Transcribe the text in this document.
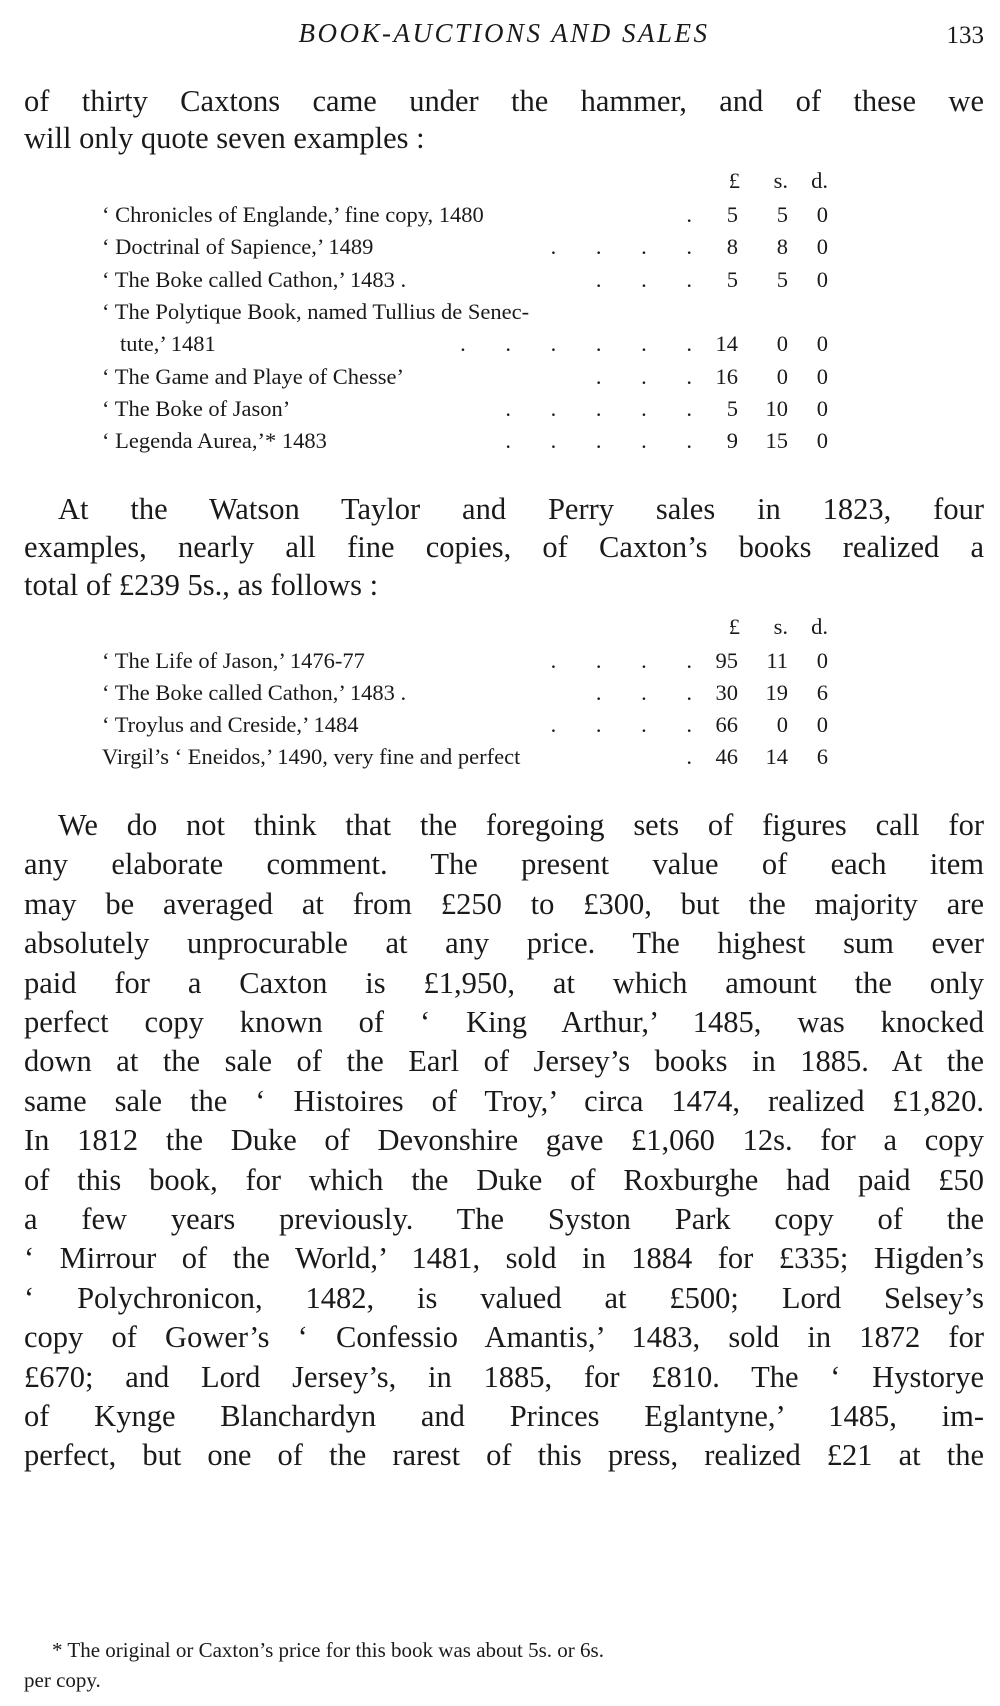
BOOK-AUCTIONS AND SALES	133
of thirty Caxtons came under the hammer, and of these we
will only quote seven examples :
£	s. d.
‘ Chronicles of Englande,’ fine copy, 1480	.	5	5	0
‘ Doctrinal of Sapience,’ 1489	. . . .	8	8	0
‘ The Boke called Cathon,’ 1483 .	. . .	5	5	0
‘ The Polytique Book, named Tullius de Senec-
tute,’ 1481	. . . . . .	14	0	0
‘ The Game and Playe of Chesse’	. . .	16	0	0
‘ The Boke of Jason’	. . . . .	5	10	0
‘ Legenda Aurea,’* 1483	. . . . .	9	15	0
At the Watson Taylor and Perry sales in 1823, four
examples, nearly all fine copies, of Caxton’s books realized a
total of £239 5s., as follows :
£	s. d.
‘ The Life of Jason,’ 1476-77	. . . .	95	11	0
‘ The Boke called Cathon,’ 1483 .	. . .	30	19	6
‘ Troylus and Creside,’ 1484	. . . .	66	0	0
Virgil’s ‘ Eneidos,’ 1490, very fine and perfect	.	46	14	6
We do not think that the foregoing sets of figures call for
any elaborate comment. The present value of each item
may be averaged at from £250 to £300, but the majority are
absolutely unprocurable at any price. The highest sum ever
paid for a Caxton is £1,950, at which amount the only
perfect copy known of ‘ King Arthur,’ 1485, was knocked
down at the sale of the Earl of Jersey’s books in 1885. At the
same sale the ‘ Histoires of Troy,’ circa 1474, realized £1,820.
In 1812 the Duke of Devonshire gave £1,060 12s. for a copy
of this book, for which the Duke of Roxburghe had paid £50
a few years previously. The Syston Park copy of the
‘ Mirrour of the World,’ 1481, sold in 1884 for £335; Higden’s
‘ Polychronicon, 1482, is valued at £500; Lord Selsey’s
copy of Gower’s ‘ Confessio Amantis,’ 1483, sold in 1872 for
£670; and Lord Jersey’s, in 1885, for £810. The ‘ Hystorye
of Kynge Blanchardyn and Princes Eglantyne,’ 1485, im-
perfect, but one of the rarest of this press, realized £21 at the
* The original or Caxton’s price for this book was about 5s. or 6s.
per copy.
